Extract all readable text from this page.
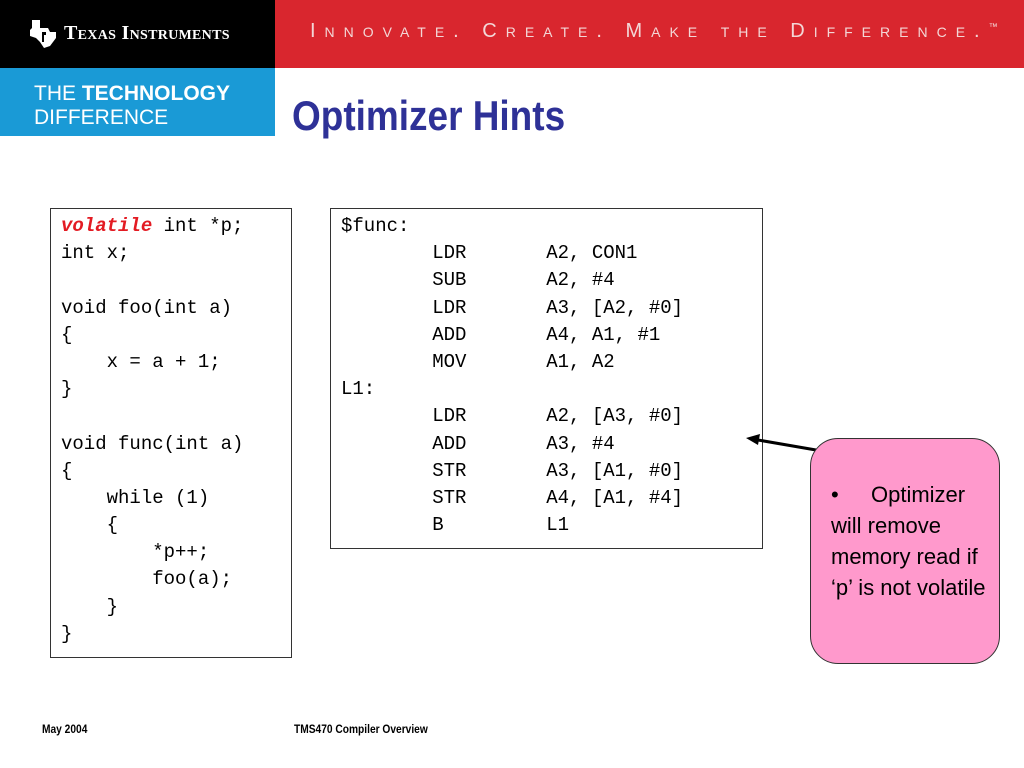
Texas Instruments	Innovate. Create. Make the Difference.™
THE TECHNOLOGY
DIFFERENCE	Optimizer Hints
volatile int *p;
int x;
void foo(int a)
{
x = a + 1;
}
void func(int a)
{
while (1)
{
*p++;
foo(a);
}
}
$func:
LDR       A2, CON1
SUB       A2, #4
LDR       A3, [A2, #0]
ADD       A4, A1, #1
MOV       A1, A2
L1:
LDR       A2, [A3, #0]
ADD       A3, #4
STR       A3, [A1, #0]
STR       A4, [A1, #4]
B         L1
• Optimizer will remove memory read if ‘p’ is not volatile
May 2004	TMS470 Compiler Overview
